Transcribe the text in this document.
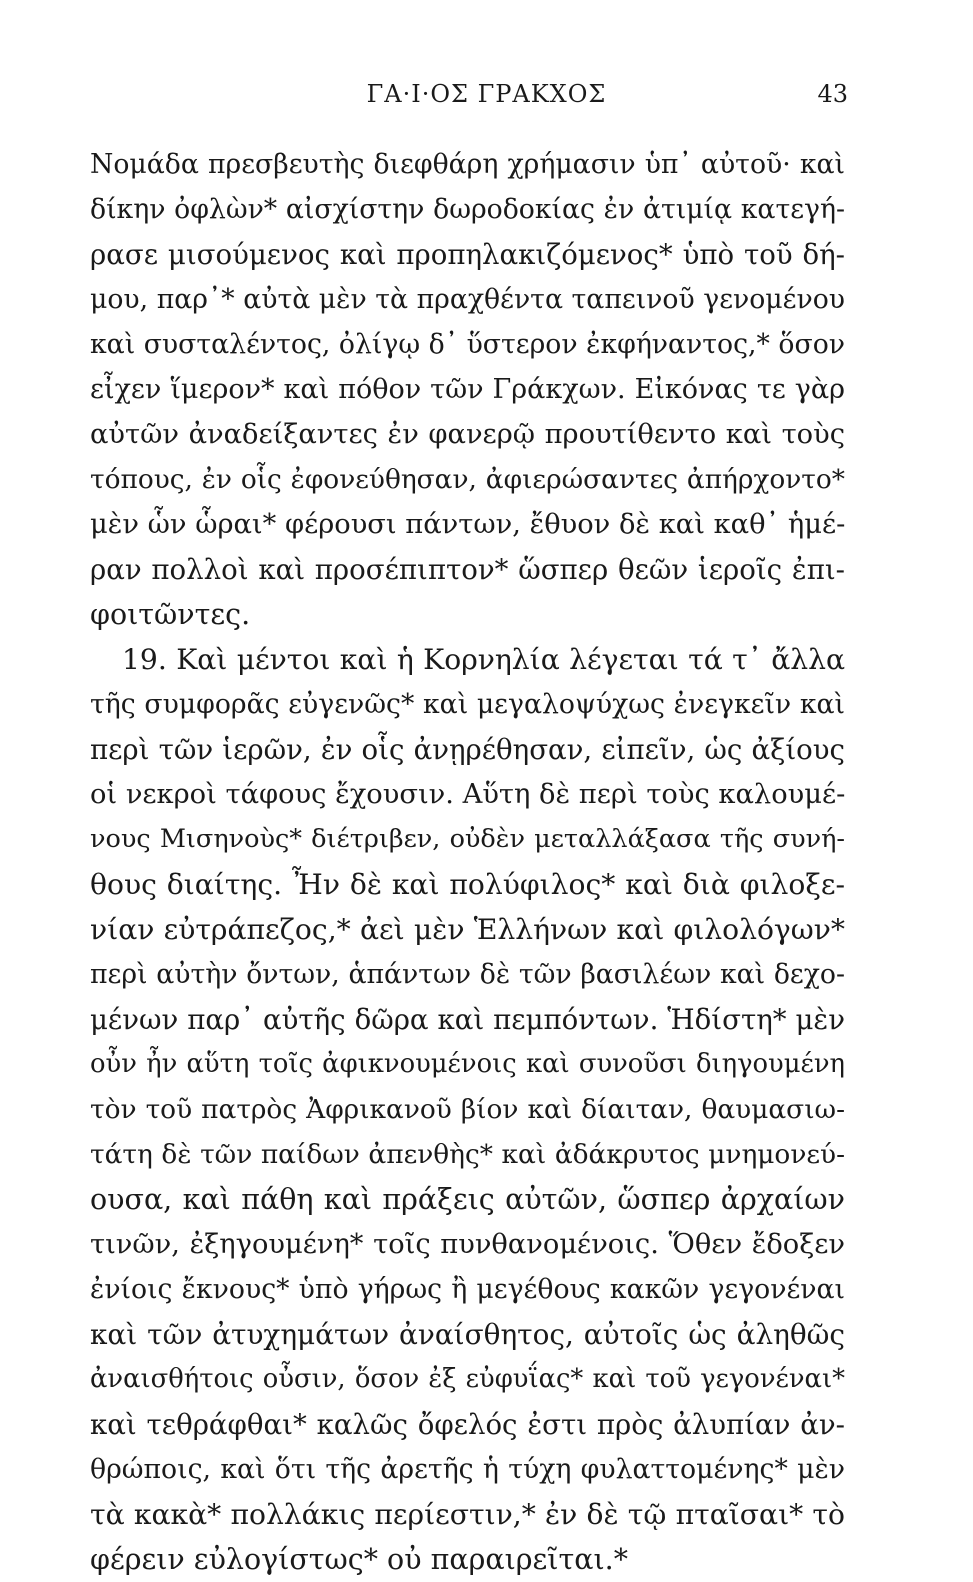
ΓΑ·Ι·ΟΣ ΓΡΑΚΧΟΣ	43
Νομάδα πρεσβευτὴς διεφθάρη χρήμασιν ὑπ᾽ αὐτοῦ· καὶ
δίκην ὀφλὼν* αἰσχίστην δωροδοκίας ἐν ἀτιμίᾳ κατεγή-
ρασε μισούμενος καὶ προπηλακιζόμενος* ὑπὸ τοῦ δή-
μου, παρ᾽* αὐτὰ μὲν τὰ πραχθέντα ταπεινοῦ γενομένου
καὶ συσταλέντος, ὀλίγῳ δ᾽ ὕστερον ἐκφήναντος,* ὅσον
εἶχεν ἵμερον* καὶ πόθον τῶν Γράκχων. Εἰκόνας τε γὰρ
αὐτῶν ἀναδείξαντες ἐν φανερῷ προυτίθεντο καὶ τοὺς
τόπους, ἐν οἷς ἐφονεύθησαν, ἀφιερώσαντες ἀπήρχοντο*
μὲν ὧν ὧραι* φέρουσι πάντων, ἔθυον δὲ καὶ καθ᾽ ἡμέ-
ραν πολλοὶ καὶ προσέπιπτον* ὥσπερ θεῶν ἱεροῖς ἐπι-
φοιτῶντες.
19. Καὶ μέντοι καὶ ἡ Κορνηλία λέγεται τά τ᾽ ἄλλα
τῆς συμφορᾶς εὐγενῶς* καὶ μεγαλοψύχως ἐνεγκεῖν καὶ
περὶ τῶν ἱερῶν, ἐν οἷς ἀνῃρέθησαν, εἰπεῖν, ὡς ἀξίους
οἱ νεκροὶ τάφους ἔχουσιν. Αὕτη δὲ περὶ τοὺς καλουμέ-
νους Μισηνοὺς* διέτριβεν, οὐδὲν μεταλλάξασα τῆς συνή-
θους διαίτης. Ἦν δὲ καὶ πολύφιλος* καὶ διὰ φιλοξε-
νίαν εὐτράπεζος,* ἀεὶ μὲν Ἑλλήνων καὶ φιλολόγων*
περὶ αὐτὴν ὄντων, ἁπάντων δὲ τῶν βασιλέων καὶ δεχο-
μένων παρ᾽ αὐτῆς δῶρα καὶ πεμπόντων. Ἡδίστη* μὲν
οὖν ἦν αὕτη τοῖς ἀφικνουμένοις καὶ συνοῦσι διηγουμένη
τὸν τοῦ πατρὸς Ἀφρικανοῦ βίον καὶ δίαιταν, θαυμασιω-
τάτη δὲ τῶν παίδων ἀπενθὴς* καὶ ἀδάκρυτος μνημονεύ-
ουσα, καὶ πάθη καὶ πράξεις αὐτῶν, ὥσπερ ἀρχαίων
τινῶν, ἐξηγουμένη* τοῖς πυνθανομένοις. Ὅθεν ἔδοξεν
ἐνίοις ἔκνους* ὑπὸ γήρως ἢ μεγέθους κακῶν γεγονέναι
καὶ τῶν ἀτυχημάτων ἀναίσθητος, αὐτοῖς ὡς ἀληθῶς
ἀναισθήτοις οὖσιν, ὅσον ἐξ εὐφυΐας* καὶ τοῦ γεγονέναι*
καὶ τεθράφθαι* καλῶς ὄφελός ἐστι πρὸς ἀλυπίαν ἀν-
θρώποις, καὶ ὅτι τῆς ἀρετῆς ἡ τύχη φυλαττομένης* μὲν
τὰ κακὰ* πολλάκις περίεστιν,* ἐν δὲ τῷ πταῖσαι* τὸ
φέρειν εὐλογίστως* οὐ παραιρεῖται.*
